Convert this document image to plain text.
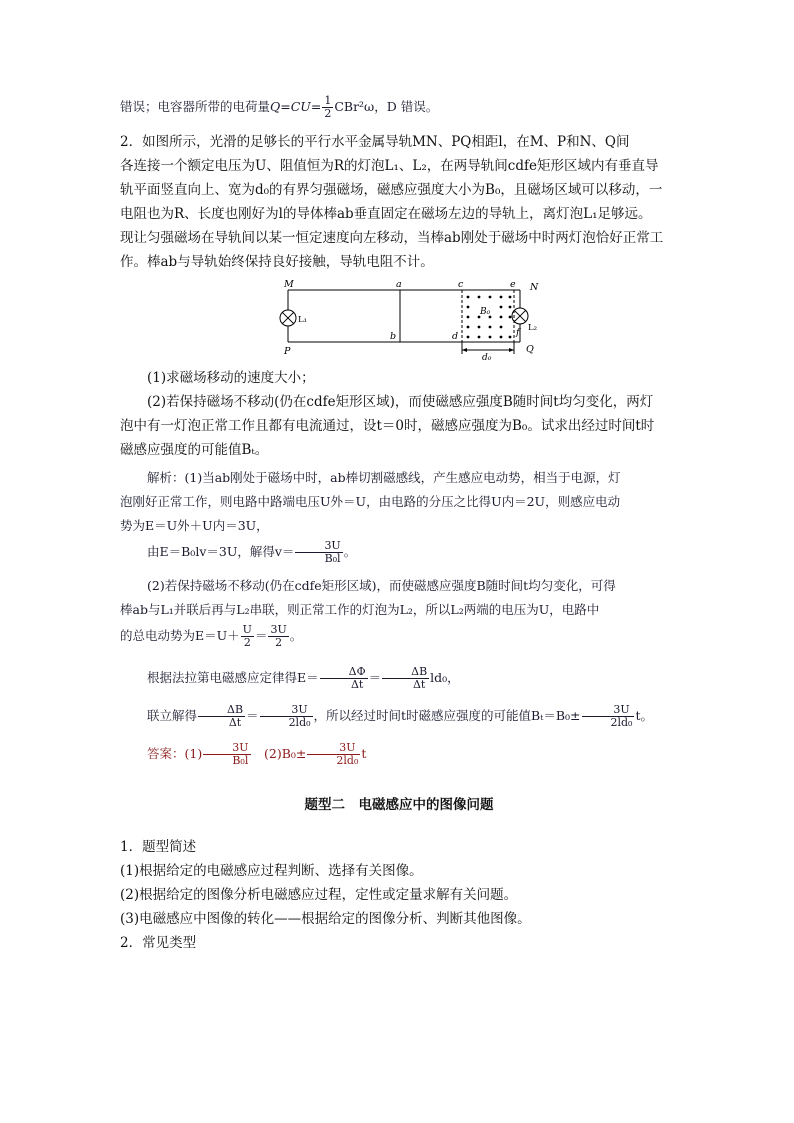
错误；电容器所带的电荷量$Q=CU= \frac{1}{2} CBr^2\omega$，D 错误。

2．如图所示，光滑的足够长的平行水平金属导轨MN、PQ相距l，在M、P和N、Q间

各连接一个额定电压为U、阻值恒为R的灯泡L₁、L₂，在两导轨间cdfe矩形区域内有垂直导

轨平面竖直向上、宽为d₀的有界匀强磁场，磁感应强度大小为B₀，且磁场区域可以移动，一

电阻也为R、长度也刚好为l的导体棒ab垂直固定在磁场左边的导轨上，离灯泡L₁足够远。

现让匀强磁场在导轨间以某一恒定速度向左移动，当棒ab刚处于磁场中时两灯泡恰好正常工

作。棒ab与导轨始终保持良好接触，导轨电阻不计。

M
P
a
b
c
d
e
f
N
Q
B₀
d₀
L₁
L₂

(1)求磁场移动的速度大小；

(2)若保持磁场不移动(仍在cdfe矩形区域)，而使磁感应强度B随时间t均匀变化，两灯

泡中有一灯泡正常工作且都有电流通过，设t＝0时，磁感应强度为B₀。试求出经过时间t时

磁感应强度的可能值Bₜ。

解析：(1)当ab刚处于磁场中时，ab棒切割磁感线，产生感应电动势，相当于电源，灯

泡刚好正常工作，则电路中路端电压U外＝U，由电路的分压之比得U内＝2U，则感应电动

势为E＝U外＋U内＝3U，

由E＝B₀lv＝3U，解得$v= \frac{3U}{\text{B₀l}}$ 。

(2)若保持磁场不移动(仍在cdfe矩形区域)，而使磁感应强度B随时间t均匀变化，可得

棒ab与L₁并联后再与L₂串联，则正常工作的灯泡为L₂，所以L₂两端的电压为U，电路中

的总电动势为$E=U+ \frac{U}{2} = \frac{3U}{2}$ 。

根据法拉第电磁感应定律得$E= \frac{\Delta\Phi}{\Delta t} = \frac{\Delta B}{\Delta t} ld_0$，

联立解得 $\frac{\Delta B}{\Delta t} = \frac{3U}{\text{2ld₀}}$ ，所以经过时间t时磁感应强度的可能值$B_t=B_0\pm \frac{3U}{\text{2ld₀}}$ t。

答案：$(1) \frac{3U}{\text{B₀l}}$ 　$(2)B_0\pm \frac{3U}{\text{2ld₀}}$ t

题型二　电磁感应中的图像问题

1．题型简述

(1)根据给定的电磁感应过程判断、选择有关图像。

(2)根据给定的图像分析电磁感应过程，定性或定量求解有关问题。

(3)电磁感应中图像的转化——根据给定的图像分析、判断其他图像。

2．常见类型
